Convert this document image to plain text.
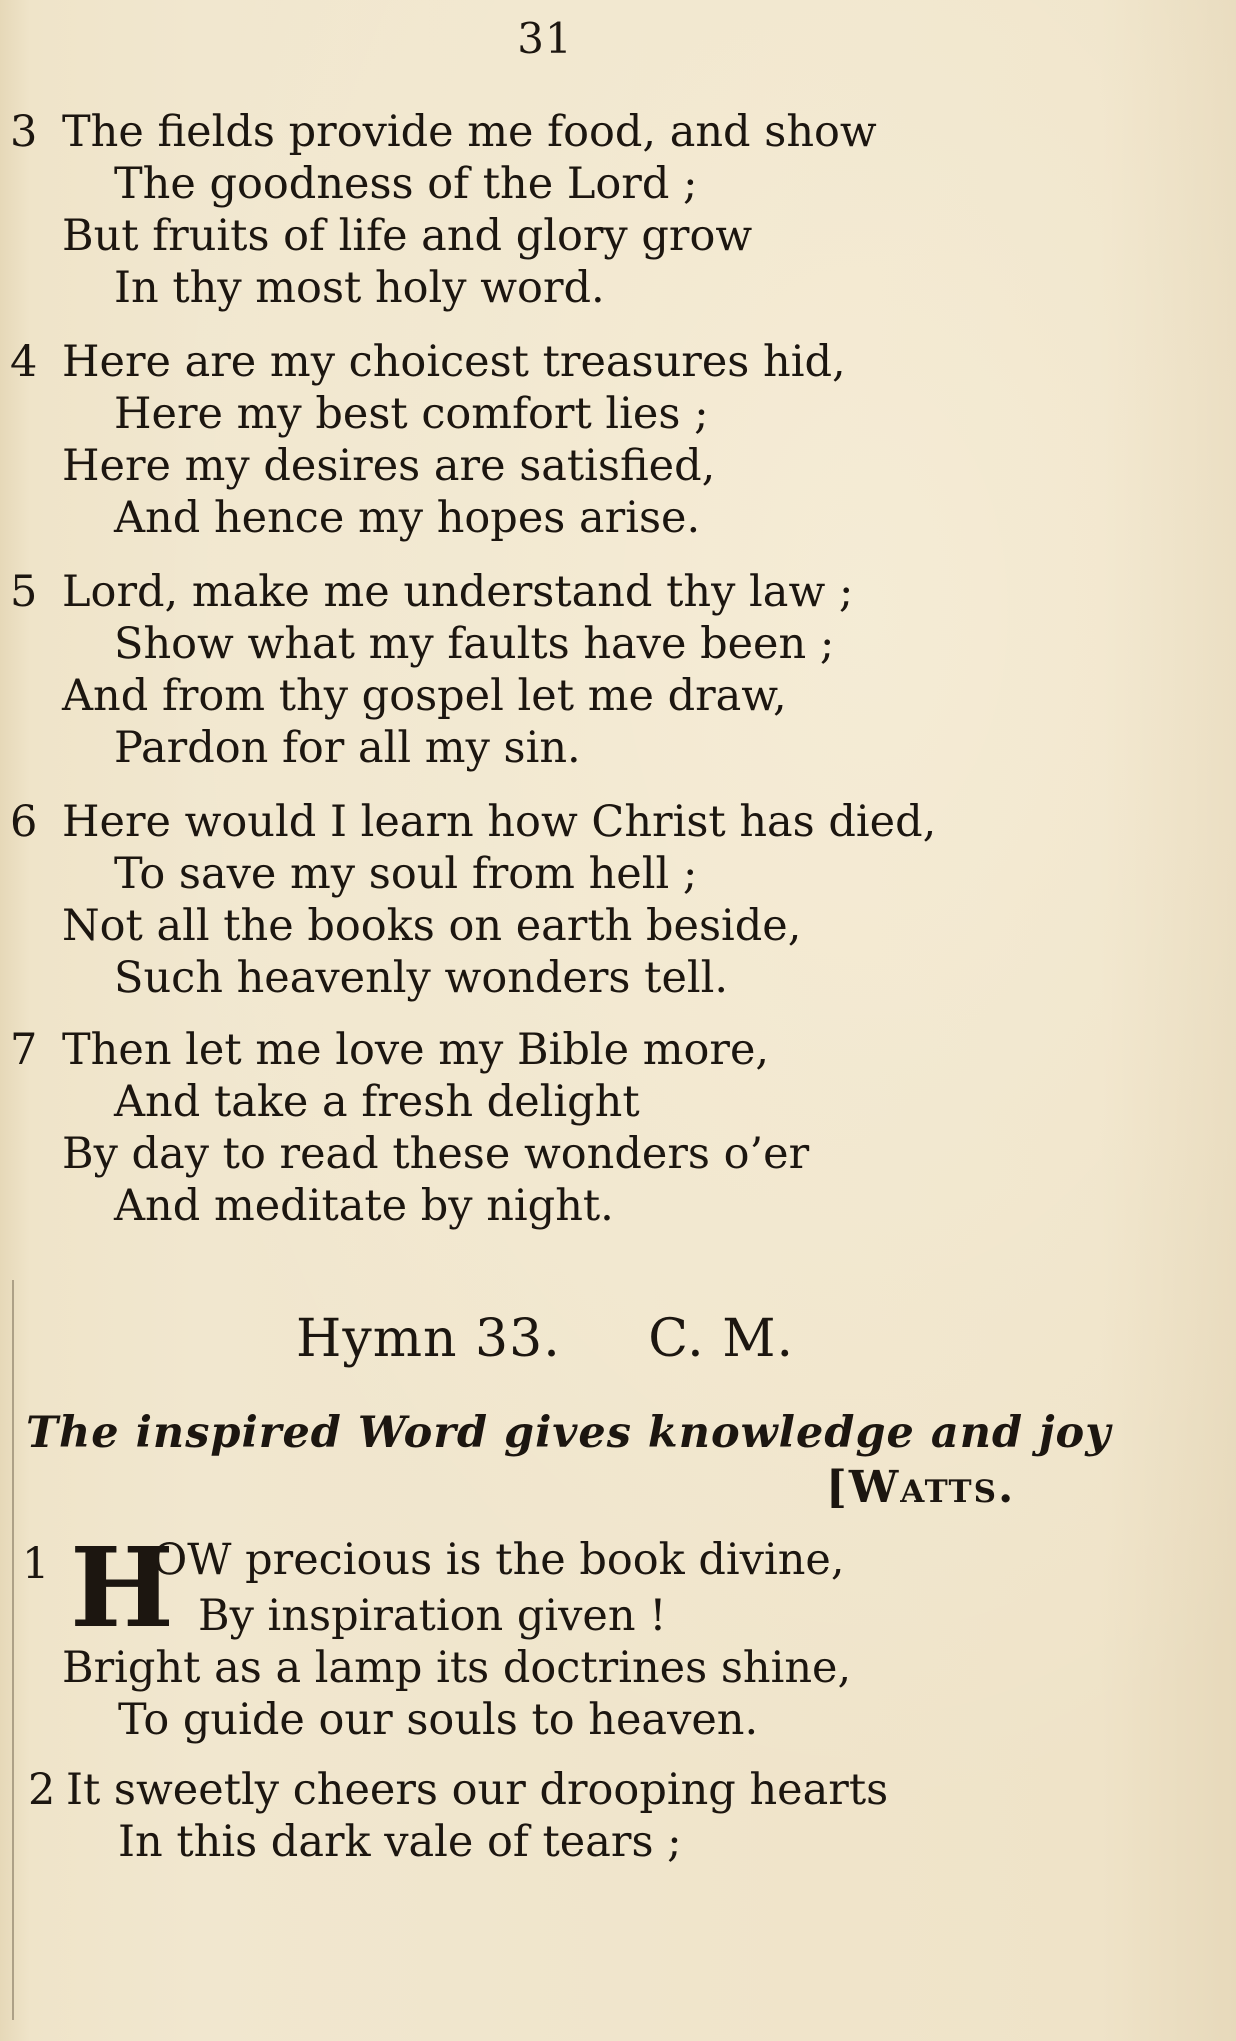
31
3 The fields provide me food, and show
The goodness of the Lord ;
But fruits of life and glory grow
In thy most holy word.
4 Here are my choicest treasures hid,
Here my best comfort lies ;
Here my desires are satisfied,
And hence my hopes arise.
5 Lord, make me understand thy law ;
Show what my faults have been ;
And from thy gospel let me draw,
Pardon for all my sin.
6 Here would I learn how Christ has died,
To save my soul from hell ;
Not all the books on earth beside,
Such heavenly wonders tell.
7 Then let me love my Bible more,
And take a fresh delight
By day to read these wonders o’er
And meditate by night.
Hymn 33. C. M.
The inspired Word gives knowledge and joy
[Watts.
1 H
OW precious is the book divine,
By inspiration given !
Bright as a lamp its doctrines shine,
To guide our souls to heaven.
2 It sweetly cheers our drooping hearts
In this dark vale of tears ;
